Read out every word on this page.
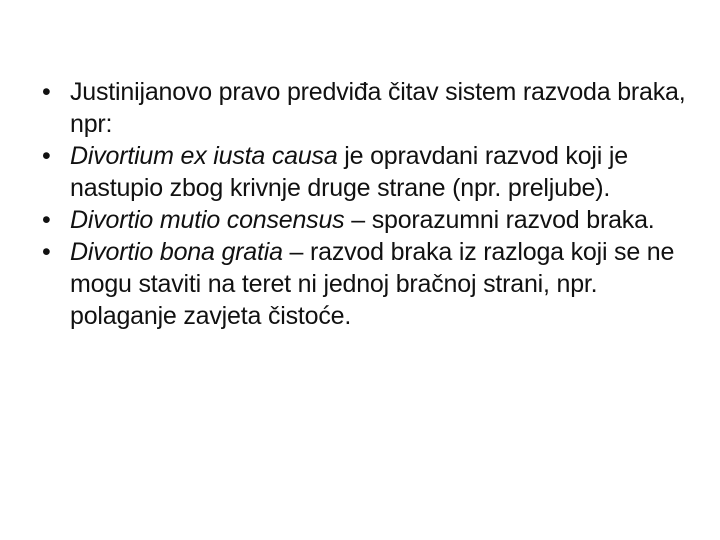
• Justinijanovo pravo predviđa čitav sistem razvoda braka, npr:
• Divortium ex iusta causa je opravdani razvod koji je nastupio zbog krivnje druge strane (npr. preljube).
• Divortio mutio consensus – sporazumni razvod braka.
• Divortio bona gratia – razvod braka iz razloga koji se ne mogu staviti na teret ni jednoj bračnoj strani, npr. polaganje zavjeta čistoće.
